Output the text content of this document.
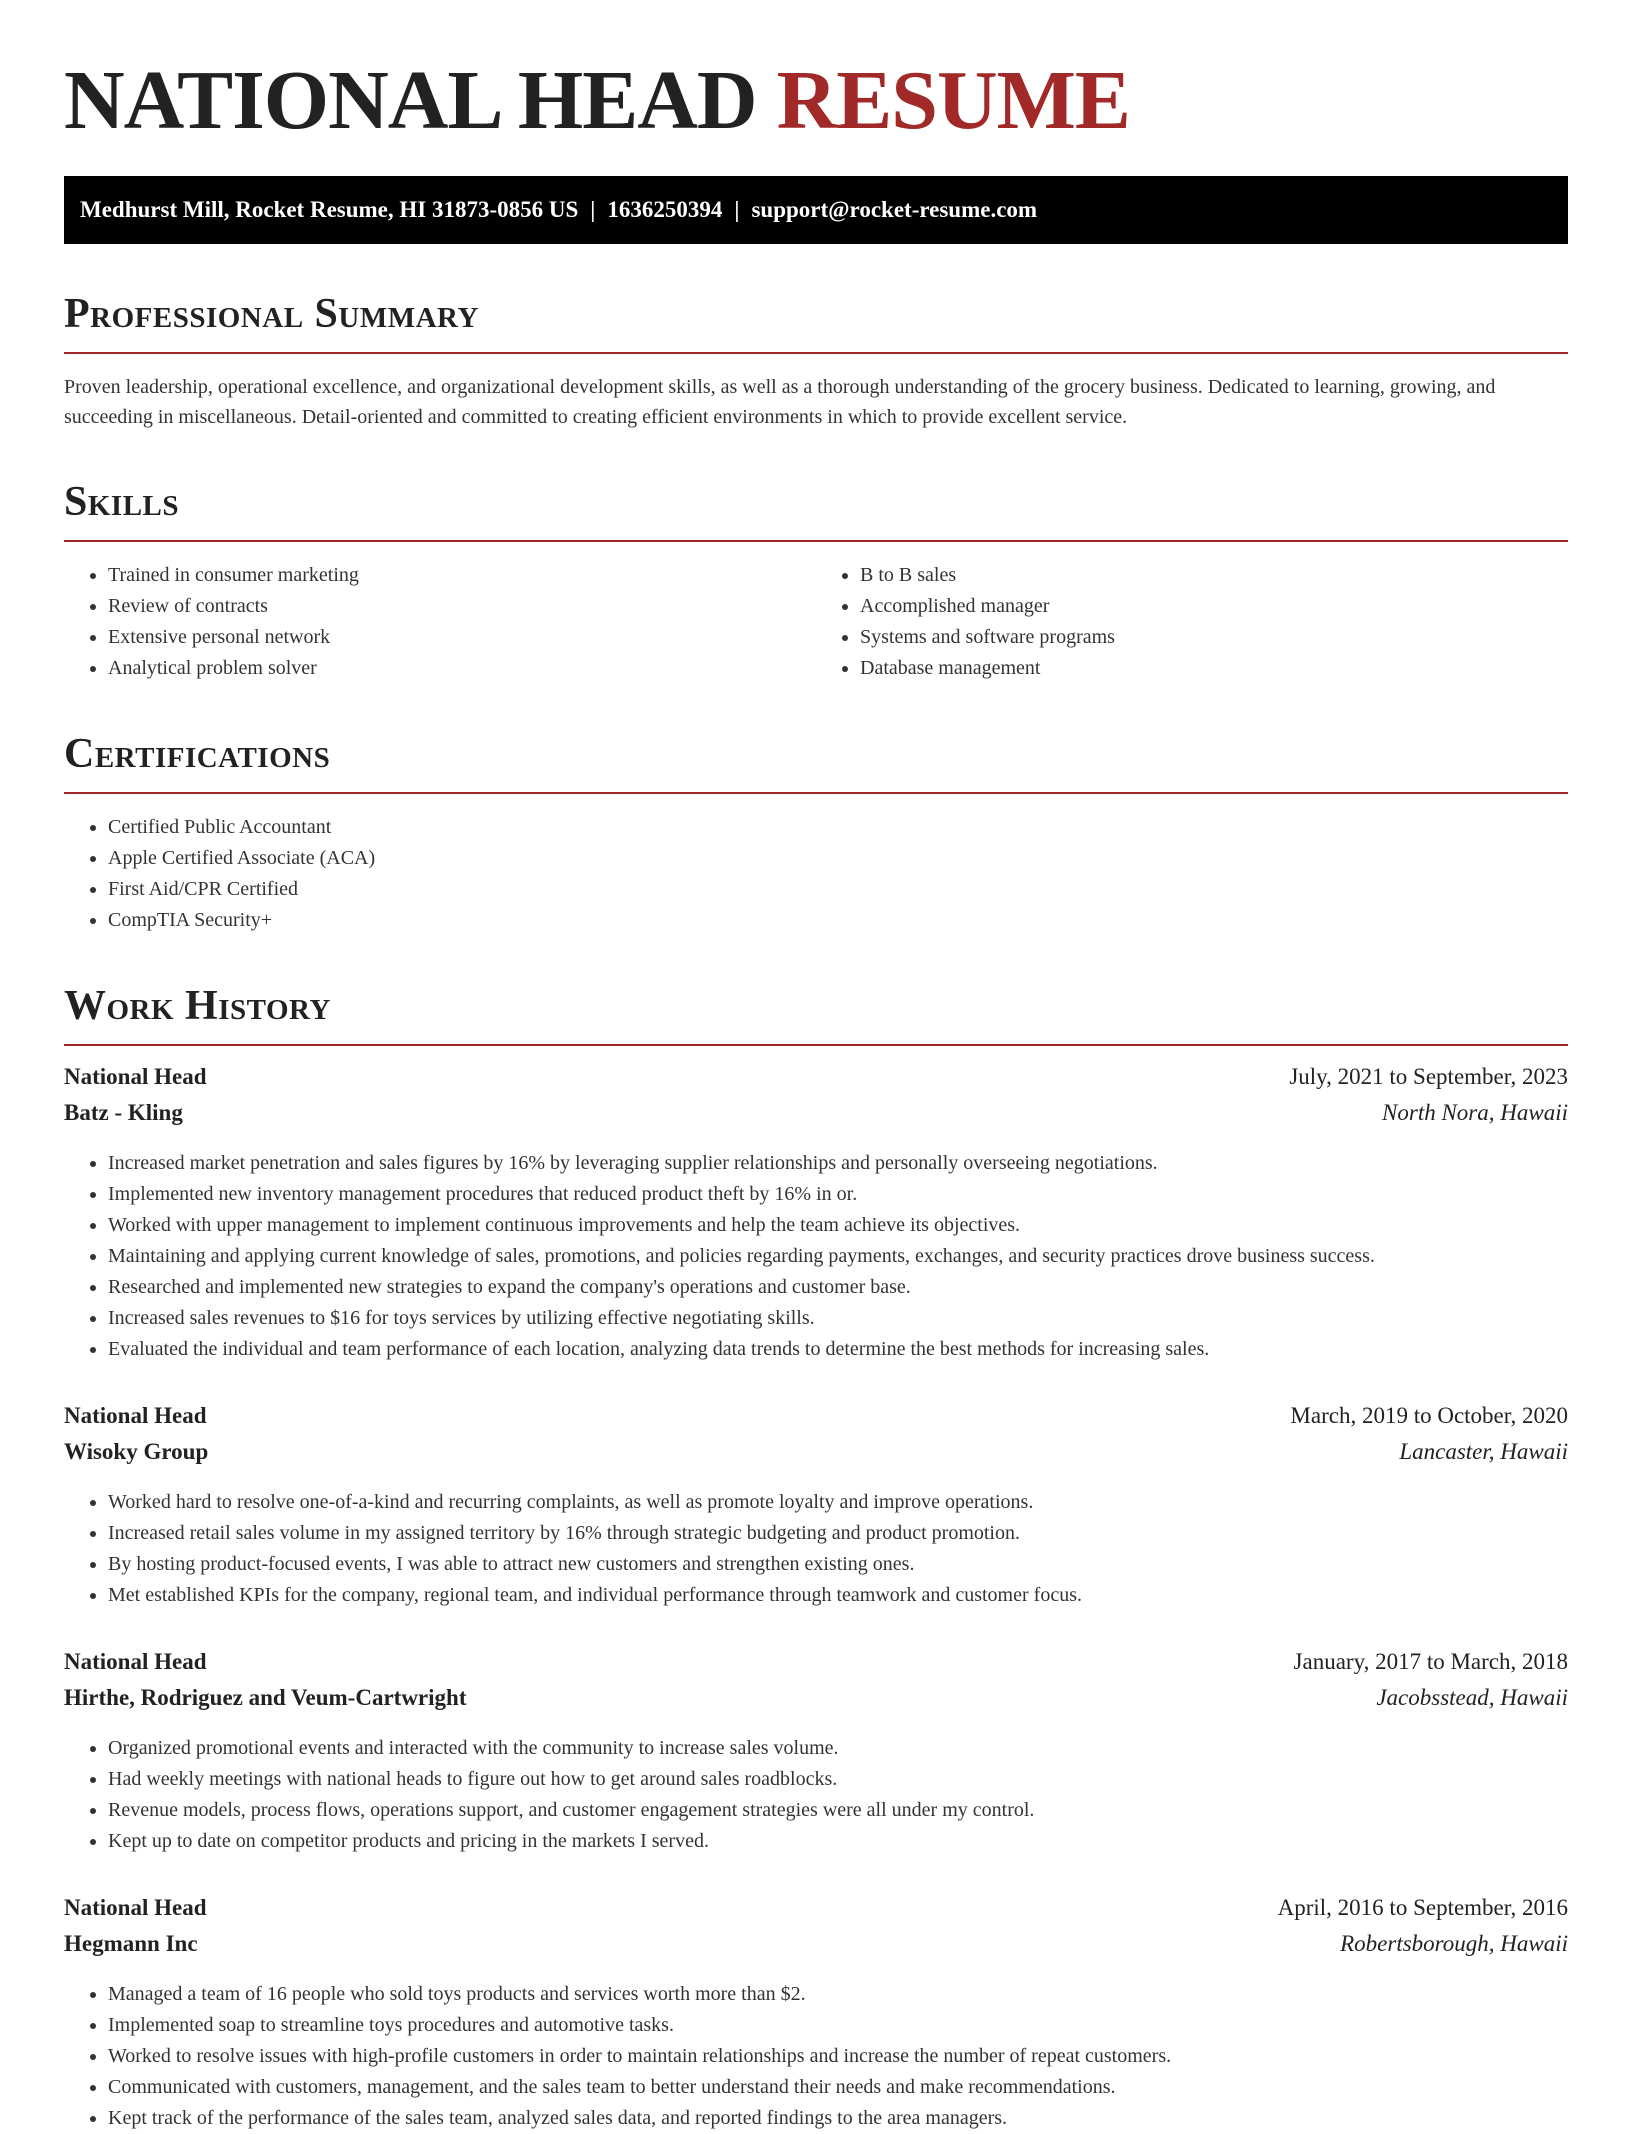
NATIONAL HEAD RESUME
Medhurst Mill, Rocket Resume, HI 31873-0856 US | 1636250394 | support@rocket-resume.com
Professional Summary

Proven leadership, operational excellence, and organizational development skills, as well as a thorough understanding of the grocery business. Dedicated to learning, growing, and succeeding in miscellaneous. Detail-oriented and committed to creating efficient environments in which to provide excellent service.

Skills
• Trained in consumer marketing
• Review of contracts
• Extensive personal network
• Analytical problem solver
• B to B sales
• Accomplished manager
• Systems and software programs
• Database management
Certifications
• Certified Public Accountant
• Apple Certified Associate (ACA)
• First Aid/CPR Certified
• CompTIA Security+
Work History
National Head	July, 2021 to September, 2023
Batz - Kling	North Nora, Hawaii
• Increased market penetration and sales figures by 16% by leveraging supplier relationships and personally overseeing negotiations.
• Implemented new inventory management procedures that reduced product theft by 16% in or.
• Worked with upper management to implement continuous improvements and help the team achieve its objectives.
• Maintaining and applying current knowledge of sales, promotions, and policies regarding payments, exchanges, and security practices drove business success.
• Researched and implemented new strategies to expand the company's operations and customer base.
• Increased sales revenues to $16 for toys services by utilizing effective negotiating skills.
• Evaluated the individual and team performance of each location, analyzing data trends to determine the best methods for increasing sales.
National Head	March, 2019 to October, 2020
Wisoky Group	Lancaster, Hawaii
• Worked hard to resolve one-of-a-kind and recurring complaints, as well as promote loyalty and improve operations.
• Increased retail sales volume in my assigned territory by 16% through strategic budgeting and product promotion.
• By hosting product-focused events, I was able to attract new customers and strengthen existing ones.
• Met established KPIs for the company, regional team, and individual performance through teamwork and customer focus.
National Head	January, 2017 to March, 2018
Hirthe, Rodriguez and Veum-Cartwright	Jacobsstead, Hawaii
• Organized promotional events and interacted with the community to increase sales volume.
• Had weekly meetings with national heads to figure out how to get around sales roadblocks.
• Revenue models, process flows, operations support, and customer engagement strategies were all under my control.
• Kept up to date on competitor products and pricing in the markets I served.
National Head	April, 2016 to September, 2016
Hegmann Inc	Robertsborough, Hawaii
• Managed a team of 16 people who sold toys products and services worth more than $2.
• Implemented soap to streamline toys procedures and automotive tasks.
• Worked to resolve issues with high-profile customers in order to maintain relationships and increase the number of repeat customers.
• Communicated with customers, management, and the sales team to better understand their needs and make recommendations.
• Kept track of the performance of the sales team, analyzed sales data, and reported findings to the area managers.
